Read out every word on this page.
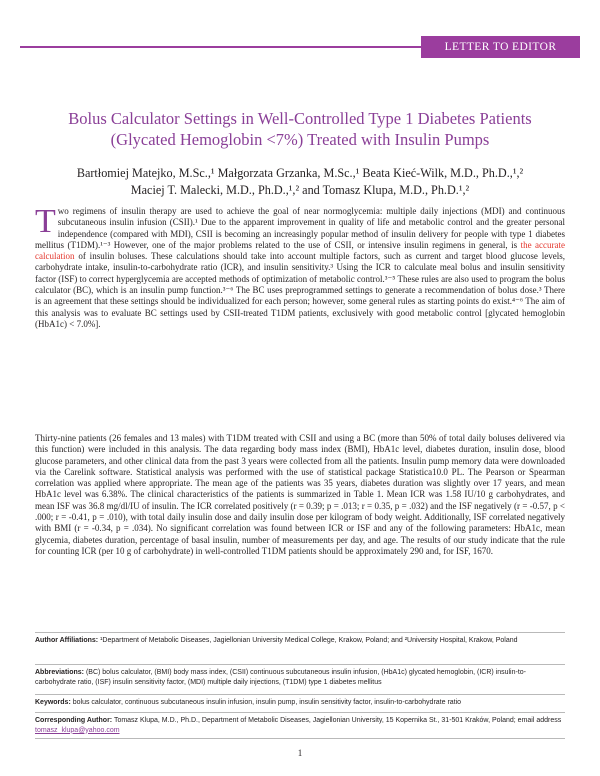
LETTER TO EDITOR
Bolus Calculator Settings in Well-Controlled Type 1 Diabetes Patients
(Glycated Hemoglobin <7%) Treated with Insulin Pumps
Bartłomiej Matejko, M.Sc.,¹ Małgorzata Grzanka, M.Sc.,¹ Beata Kieć-Wilk, M.D., Ph.D.,¹,²
Maciej T. Malecki, M.D., Ph.D.,¹,² and Tomasz Klupa, M.D., Ph.D.¹,²
Two regimens of insulin therapy are used to achieve the goal of near normoglycemia: multiple daily injections (MDI) and continuous subcutaneous insulin infusion (CSII).¹ Due to the apparent improvement in quality of life and metabolic control and the greater personal independence (compared with MDI), CSII is becoming an increasingly popular method of insulin delivery for people with type 1 diabetes mellitus (T1DM).¹⁻³ However, one of the major problems related to the use of CSII, or intensive insulin regimens in general, is the accurate calculation of insulin boluses. These calculations should take into account multiple factors, such as current and target blood glucose levels, carbohydrate intake, insulin-to-carbohydrate ratio (ICR), and insulin sensitivity.³ Using the ICR to calculate meal bolus and insulin sensitivity factor (ISF) to correct hyperglycemia are accepted methods of optimization of metabolic control.³⁻⁵ These rules are also used to program the bolus calculator (BC), which is an insulin pump function.³⁻⁶ The BC uses preprogrammed settings to generate a recommendation of bolus dose.³ There is an agreement that these settings should be individualized for each person; however, some general rules as starting points do exist.⁴⁻⁶ The aim of this analysis was to evaluate BC settings used by CSII-treated T1DM patients, exclusively with good metabolic control [glycated hemoglobin (HbA1c) < 7.0%].
Thirty-nine patients (26 females and 13 males) with T1DM treated with CSII and using a BC (more than 50% of total daily boluses delivered via this function) were included in this analysis. The data regarding body mass index (BMI), HbA1c level, diabetes duration, insulin dose, blood glucose parameters, and other clinical data from the past 3 years were collected from all the patients. Insulin pump memory data were downloaded via the Carelink software. Statistical analysis was performed with the use of statistical package Statistica10.0 PL. The Pearson or Spearman correlation was applied where appropriate. The mean age of the patients was 35 years, diabetes duration was slightly over 17 years, and mean HbA1c level was 6.38%. The clinical characteristics of the patients is summarized in Table 1. Mean ICR was 1.58 IU/10 g carbohydrates, and mean ISF was 36.8 mg/dl/IU of insulin. The ICR correlated positively (r = 0.39; p = .013; r = 0.35, p = .032) and the ISF negatively (r = -0.57, p < .000; r = -0.41, p = .010), with total daily insulin dose and daily insulin dose per kilogram of body weight. Additionally, ISF correlated negatively with BMI (r = -0.34, p = .034). No significant correlation was found between ICR or ISF and any of the following parameters: HbA1c, mean glycemia, diabetes duration, percentage of basal insulin, number of measurements per day, and age. The results of our study indicate that the rule for counting ICR (per 10 g of carbohydrate) in well-controlled T1DM patients should be approximately 290 and, for ISF, 1670.
Author Affiliations: ¹Department of Metabolic Diseases, Jagiellonian University Medical College, Krakow, Poland; and ²University Hospital, Krakow, Poland
Abbreviations: (BC) bolus calculator, (BMI) body mass index, (CSII) continuous subcutaneous insulin infusion, (HbA1c) glycated hemoglobin, (ICR) insulin-to-carbohydrate ratio, (ISF) insulin sensitivity factor, (MDI) multiple daily injections, (T1DM) type 1 diabetes mellitus
Keywords: bolus calculator, continuous subcutaneous insulin infusion, insulin pump, insulin sensitivity factor, insulin-to-carbohydrate ratio
Corresponding Author: Tomasz Klupa, M.D., Ph.D., Department of Metabolic Diseases, Jagiellonian University, 15 Kopernika St., 31-501 Kraków, Poland; email address tomasz_klupa@yahoo.com
1
